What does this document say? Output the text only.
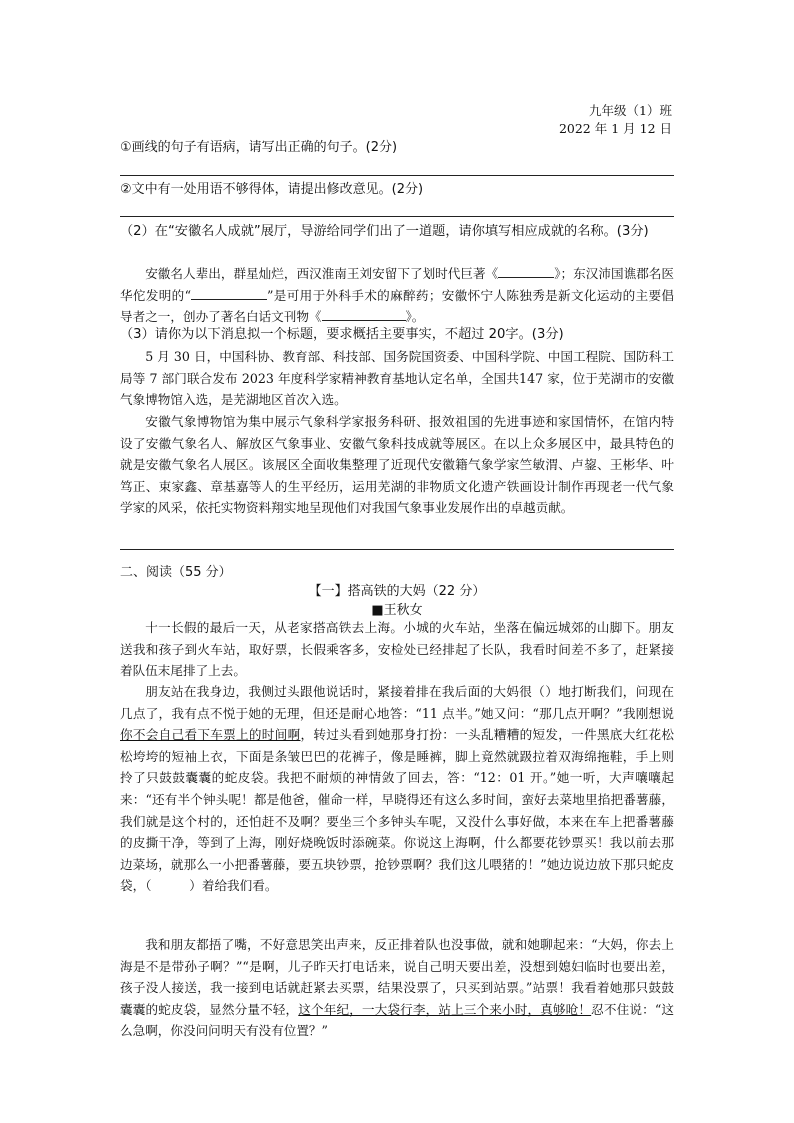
九年级（1）班
2022 年 1 月 12 日
①画线的句子有语病，请写出正确的句子。(2分)
②文中有一处用语不够得体，请提出修改意见。(2分)
（2）在“安徽名人成就”展厅，导游给同学们出了一道题，请你填写相应成就的名称。(3分)
安徽名人辈出，群星灿烂，西汉淮南王刘安留下了划时代巨著《	》；东汉沛国谯郡名医华佗发明的“	”是可用于外科手术的麻醉药；安徽怀宁人陈独秀是新文化运动的主要倡导者之一，创办了著名白话文刊物《	》。
（3）请你为以下消息拟一个标题，要求概括主要事实，不超过 20字。(3分)
5 月 30 日，中国科协、教育部、科技部、国务院国资委、中国科学院、中国工程院、国防科工局等 7 部门联合发布 2023 年度科学家精神教育基地认定名单，全国共147 家，位于芜湖市的安徽气象博物馆入选，是芜湖地区首次入选。
安徽气象博物馆为集中展示气象科学家报务科研、报效祖国的先进事迹和家国情怀，在馆内特设了安徽气象名人、解放区气象事业、安徽气象科技成就等展区。在以上众多展区中，最具特色的就是安徽气象名人展区。该展区全面收集整理了近现代安徽籍气象学家竺敏渭、卢鋆、王彬华、叶笃正、束家鑫、章基嘉等人的生平经历，运用芜湖的非物质文化遗产铁画设计制作再现老一代气象学家的风采，依托实物资料翔实地呈现他们对我国气象事业发展作出的卓越贡献。
二、阅读（55 分）
【一】搭高铁的大妈（22 分）
■王秋女
十一长假的最后一天，从老家搭高铁去上海。小城的火车站，坐落在偏远城郊的山脚下。朋友送我和孩子到火车站，取好票，长假乘客多，安检处已经排起了长队，我看时间差不多了，赶紧接着队伍末尾排了上去。
朋友站在我身边，我侧过头跟他说话时，紧接着排在我后面的大妈很（　　　）地打断我们，问现在几点了，我有点不悦于她的无理，但还是耐心地答：“11 点半。”她又问：“那几点开啊？”我刚想说你不会自己看下车票上的时间啊，转过头看到她那身打扮：一头乱糟糟的短发，一件黑底大红花松松垮垮的短袖上衣，下面是条皱巴巴的花裤子，像是睡裤，脚上竟然就趿拉着双海绵拖鞋，手上则拎了只鼓鼓囊囊的蛇皮袋。我把不耐烦的神情敛了回去，答：“12：01 开。”她一听，大声嚷嚷起来：“还有半个钟头呢！都是他爸，催命一样，早晓得还有这么多时间，蛮好去菜地里掐把番薯藤，我们就是这个村的，还怕赶不及啊？要坐三个多钟头车呢，又没什么事好做，本来在车上把番薯藤的皮撕干净，等到了上海，刚好烧晚饭时添碗菜。你说这上海啊，什么都要花钞票买！我以前去那边菜场，就那么一小把番薯藤，要五块钞票，抢钞票啊？我们这儿喂猪的！”她边说边放下那只蛇皮袋，（　　　	）着给我们看。
我和朋友都捂了嘴，不好意思笑出声来，反正排着队也没事做，就和她聊起来：“大妈，你去上海是不是带孙子啊？”“是啊，儿子昨天打电话来，说自己明天要出差，没想到媳妇临时也要出差，孩子没人接送，我一接到电话就赶紧去买票，结果没票了，只买到站票。”站票！我看着她那只鼓鼓囊囊的蛇皮袋，显然分量不轻，这个年纪，一大袋行李，站上三个来小时，真够呛！忍不住说：“这么急啊，你没问问明天有没有位置？”
